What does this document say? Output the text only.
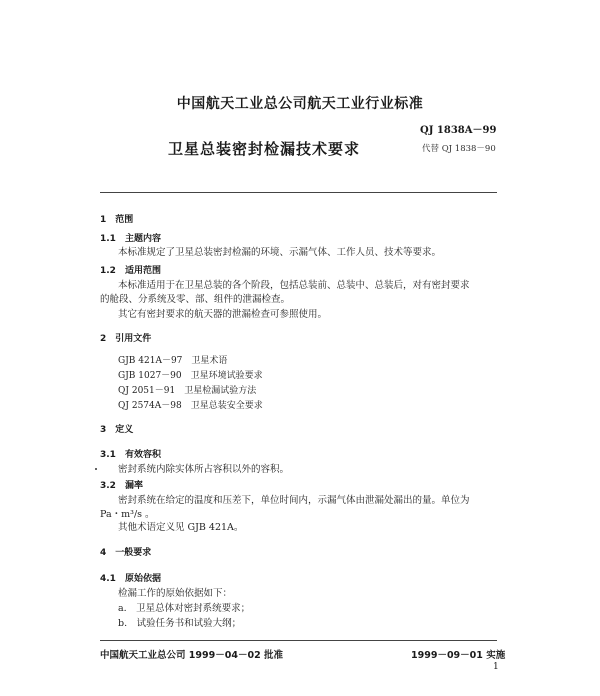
中国航天工业总公司航天工业行业标准
QJ 1838A－99
卫星总装密封检漏技术要求	代替 QJ 1838－90
1　范围
1.1　主题内容
本标准规定了卫星总装密封检漏的环境、示漏气体、工作人员、技术等要求。
1.2　适用范围
本标准适用于在卫星总装的各个阶段，包括总装前、总装中、总装后，对有密封要求
的舱段、分系统及零、部、组件的泄漏检查。
其它有密封要求的航天器的泄漏检查可参照使用。
2　引用文件
GJB 421A－97　卫星术语
GJB 1027－90　卫星环境试验要求
QJ 2051－91　卫星检漏试验方法
QJ 2574A－98　卫星总装安全要求
3　定义
3.1　有效容积
密封系统内除实体所占容积以外的容积。
3.2　漏率
密封系统在给定的温度和压差下，单位时间内，示漏气体由泄漏处漏出的量。单位为
Pa・m³/s 。
其他术语定义见 GJB 421A。
4　一般要求
4.1　原始依据
检漏工作的原始依据如下：
a.　卫星总体对密封系统要求；
b.　试验任务书和试验大纲；
中国航天工业总公司 1999－04－02 批准	1999－09－01 实施
1
